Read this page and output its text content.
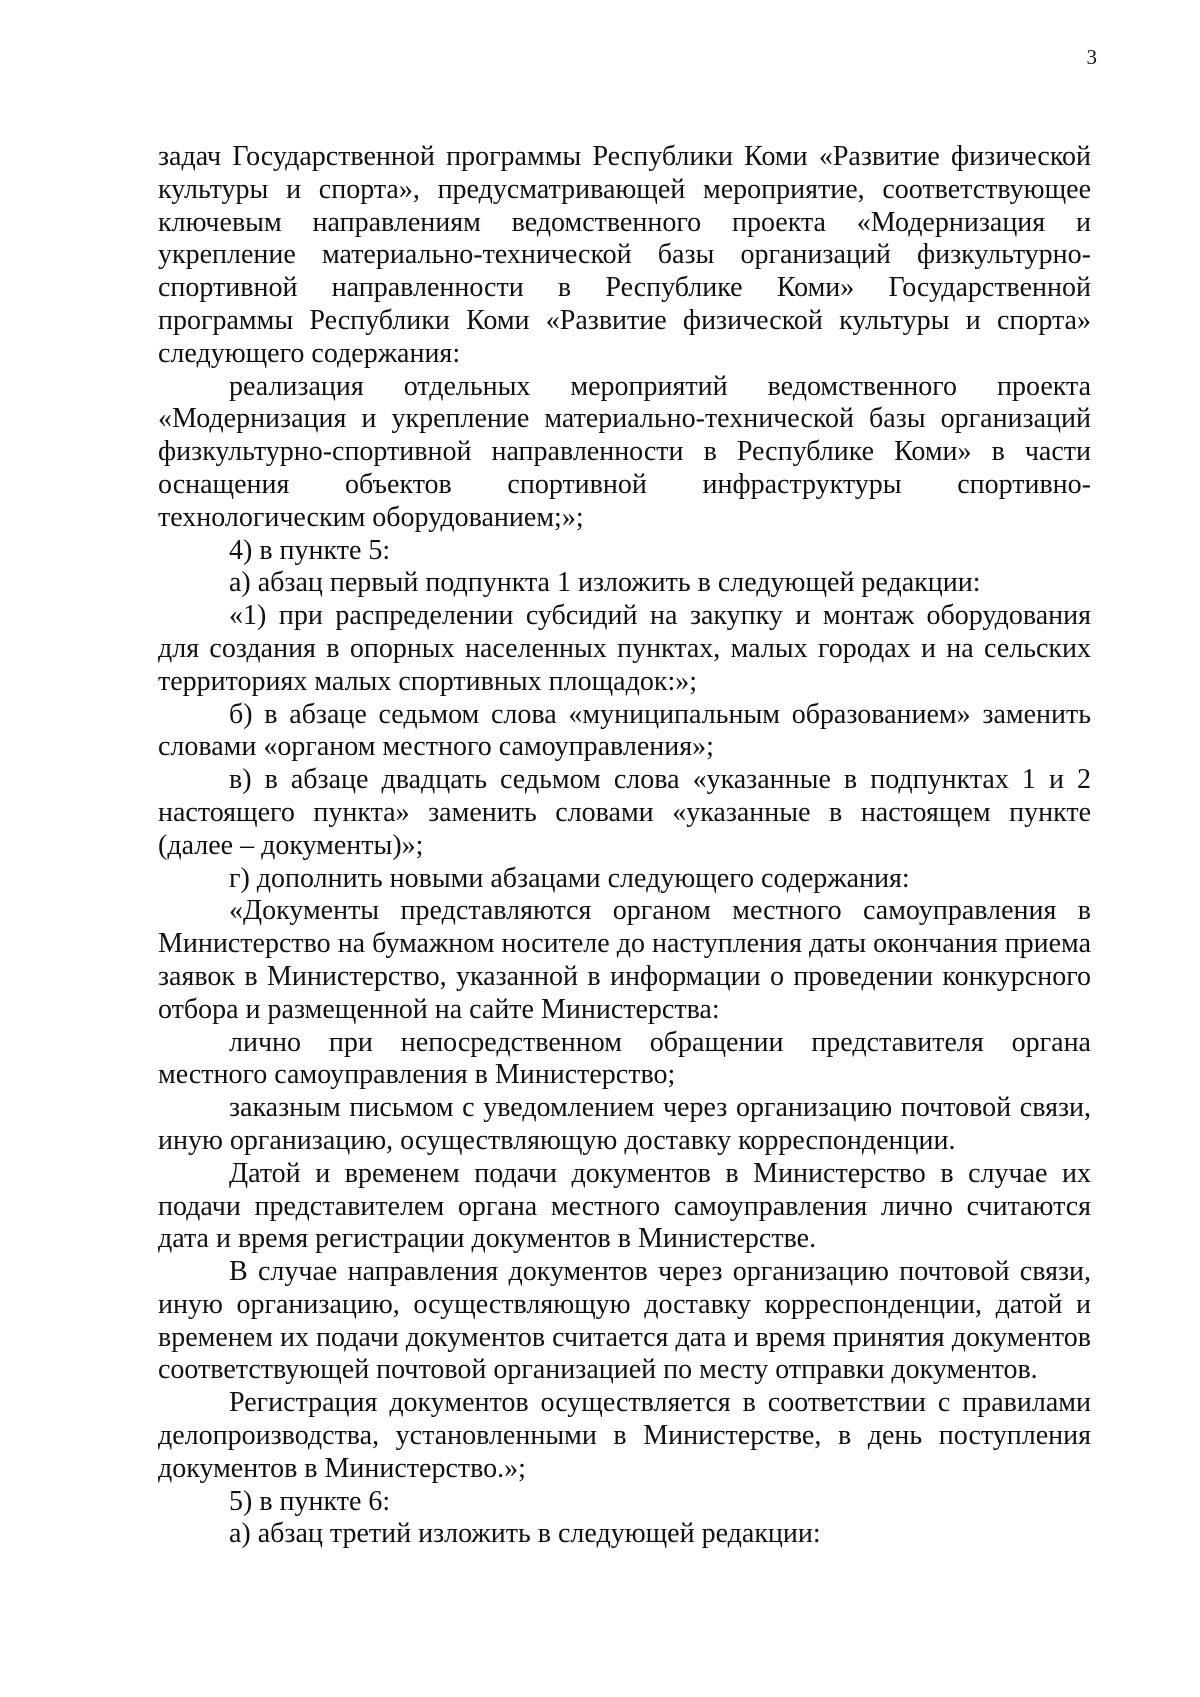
3

задач Государственной программы Республики Коми «Развитие физической культуры и спорта», предусматривающей мероприятие, соответствующее ключевым направлениям ведомственного проекта «Модернизация и укрепление материально-технической базы организаций физкультурно-спортивной направленности в Республике Коми» Государственной программы Республики Коми «Развитие физической культуры и спорта» следующего содержания:

реализация отдельных мероприятий ведомственного проекта «Модернизация и укрепление материально-технической базы организаций физкультурно-спортивной направленности в Республике Коми» в части оснащения объектов спортивной инфраструктуры спортивно-технологическим оборудованием;»;

4) в пункте 5:

а) абзац первый подпункта 1 изложить в следующей редакции:

«1) при распределении субсидий на закупку и монтаж оборудования для создания в опорных населенных пунктах, малых городах и на сельских территориях малых спортивных площадок:»;

б) в абзаце седьмом слова «муниципальным образованием» заменить словами «органом местного самоуправления»;

в) в абзаце двадцать седьмом слова «указанные в подпунктах 1 и 2 настоящего пункта» заменить словами «указанные в настоящем пункте (далее – документы)»;

г) дополнить новыми абзацами следующего содержания:

«Документы представляются органом местного самоуправления в Министерство на бумажном носителе до наступления даты окончания приема заявок в Министерство, указанной в информации о проведении конкурсного отбора и размещенной на сайте Министерства:

лично при непосредственном обращении представителя органа местного самоуправления в Министерство;

заказным письмом с уведомлением через организацию почтовой связи, иную организацию, осуществляющую доставку корреспонденции.

Датой и временем подачи документов в Министерство в случае их подачи представителем органа местного самоуправления лично считаются дата и время регистрации документов в Министерстве.

В случае направления документов через организацию почтовой связи, иную организацию, осуществляющую доставку корреспонденции, датой и временем их подачи документов считается дата и время принятия документов соответствующей почтовой организацией по месту отправки документов.

Регистрация документов осуществляется в соответствии с правилами делопроизводства, установленными в Министерстве, в день поступления документов в Министерство.»;

5) в пункте 6:

а) абзац третий изложить в следующей редакции:
